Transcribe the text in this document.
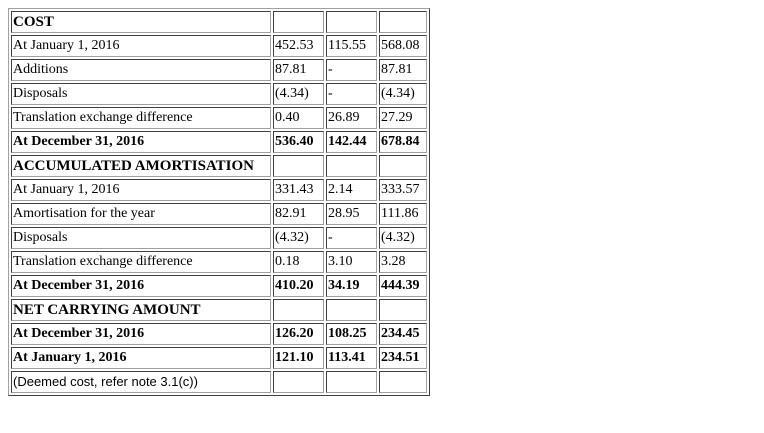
COST			
At January 1, 2016	452.53	115.55	568.08
Additions	87.81	-	87.81
Disposals	(4.34)	-	(4.34)
Translation exchange difference	0.40	26.89	27.29
At December 31, 2016	536.40	142.44	678.84
ACCUMULATED AMORTISATION			
At January 1, 2016	331.43	2.14	333.57
Amortisation for the year	82.91	28.95	111.86
Disposals	(4.32)	-	(4.32)
Translation exchange difference	0.18	3.10	3.28
At December 31, 2016	410.20	34.19	444.39
NET CARRYING AMOUNT			
At December 31, 2016	126.20	108.25	234.45
At January 1, 2016	121.10	113.41	234.51
(Deemed cost, refer note 3.1(c))			
